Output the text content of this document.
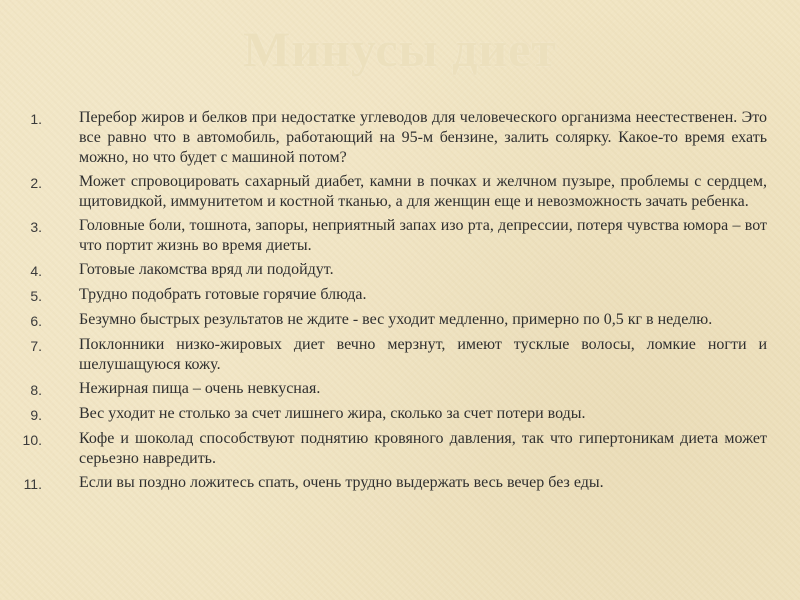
Минусы диет
1. Перебор жиров и белков при недостатке углеводов для человеческого организма неестественен. Это все равно что в автомобиль, работающий на 95-м бензине, залить солярку. Какое-то время ехать можно, но что будет с машиной потом?
2. Может спровоцировать сахарный диабет, камни в почках и желчном пузыре, проблемы с сердцем, щитовидкой, иммунитетом и костной тканью, а для женщин еще и невозможность зачать ребенка.
3. Головные боли, тошнота, запоры, неприятный запах изо рта, депрессии, потеря чувства юмора – вот что портит жизнь во время диеты.
4. Готовые лакомства вряд ли подойдут.
5. Трудно подобрать готовые горячие блюда.
6. Безумно быстрых результатов не ждите - вес уходит медленно, примерно по 0,5 кг в неделю.
7. Поклонники низко-жировых диет вечно мерзнут, имеют тусклые волосы, ломкие ногти и шелушащуюся кожу.
8. Нежирная пища – очень невкусная.
9. Вес уходит не столько за счет лишнего жира, сколько за счет потери воды.
10. Кофе и шоколад способствуют поднятию кровяного давления, так что гипертоникам диета может серьезно навредить.
11. Если вы поздно ложитесь спать, очень трудно выдержать весь вечер без еды.
